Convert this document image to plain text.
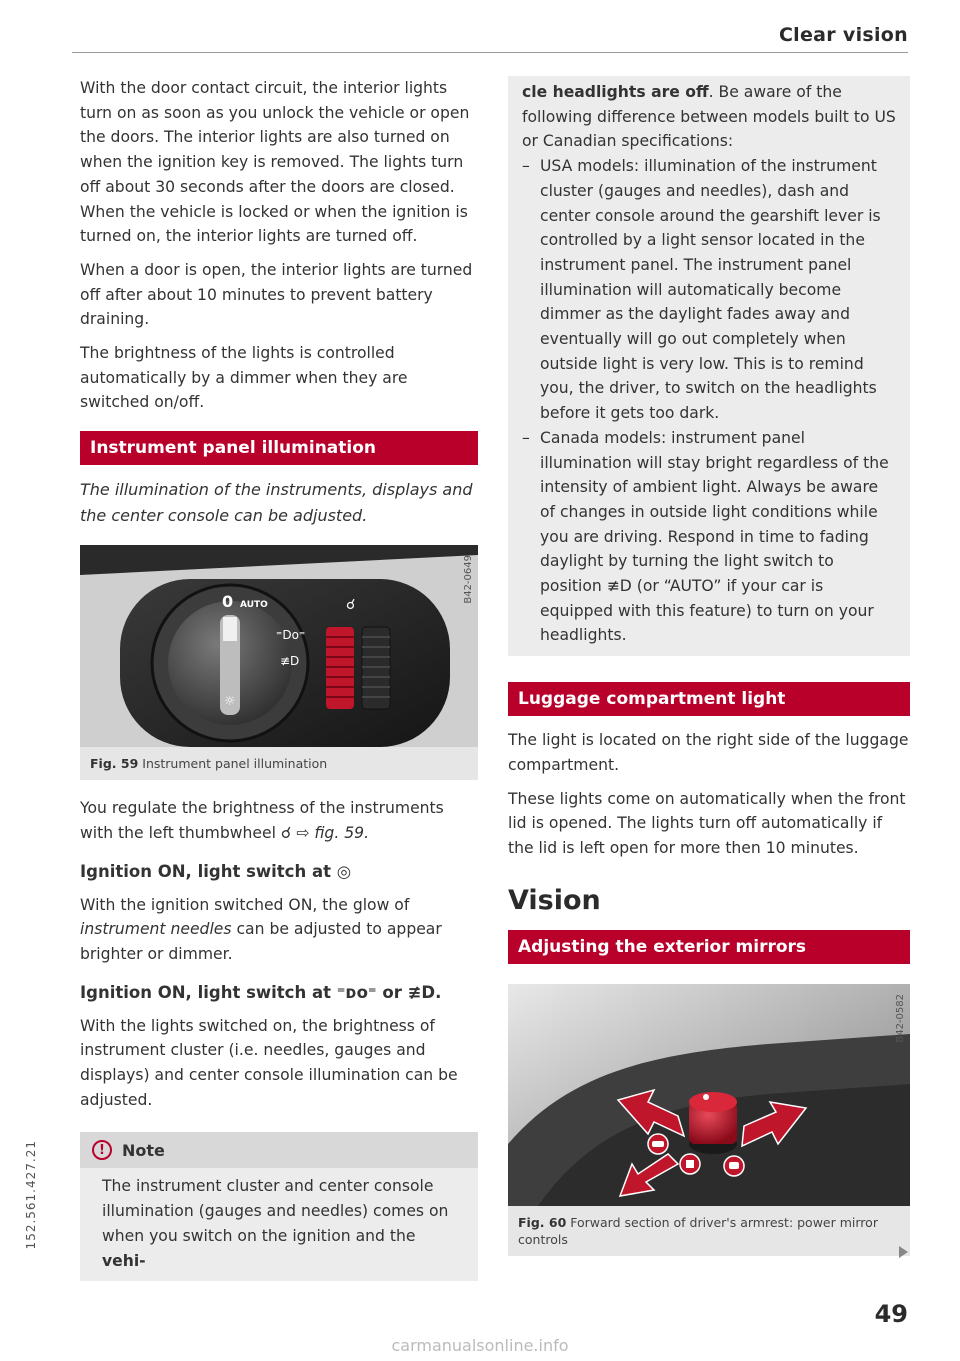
Clear vision

With the door contact circuit, the interior lights turn on as soon as you unlock the vehicle or open the doors. The interior lights are also turned on when the ignition key is removed. The lights turn off about 30 seconds after the doors are closed. When the vehicle is locked or when the ignition is turned on, the interior lights are turned off.

When a door is open, the interior lights are turned off after about 10 minutes to prevent battery draining.

The brightness of the lights is controlled automatically by a dimmer when they are switched on/off.

Instrument panel illumination

The illumination of the instruments, displays and the center console can be adjusted.

0 AUTO
⁼Dᴏ⁼
≢D
☼
☌
B42-0649
Fig. 59 Instrument panel illumination

You regulate the brightness of the instruments with the left thumbwheel ☌ ⇨ fig. 59.

Ignition ON, light switch at ◎

With the ignition switched ON, the glow of instrument needles can be adjusted to appear brighter or dimmer.

Ignition ON, light switch at ⁼ᴅᴏ⁼ or ≢D.

With the lights switched on, the brightness of instrument cluster (i.e. needles, gauges and displays) and center console illumination can be adjusted.

!	Note

The instrument cluster and center console illumination (gauges and needles) comes on when you switch on the ignition and the vehi-

cle headlights are off. Be aware of the following difference between models built to US or Canadian specifications:

– USA models: illumination of the instrument cluster (gauges and needles), dash and center console around the gearshift lever is controlled by a light sensor located in the instrument panel. The instrument panel illumination will automatically become dimmer as the daylight fades away and eventually will go out completely when outside light is very low. This is to remind you, the driver, to switch on the headlights before it gets too dark.
– Canada models: instrument panel illumination will stay bright regardless of the intensity of ambient light. Always be aware of changes in outside light conditions while you are driving. Respond in time to fading daylight by turning the light switch to position ≢D (or “AUTO” if your car is equipped with this feature) to turn on your headlights.
Luggage compartment light

The light is located on the right side of the luggage compartment.

These lights come on automatically when the front lid is opened. The lights turn off automatically if the lid is left open for more then 10 minutes.

Vision
Adjusting the exterior mirrors
B42-0582
Fig. 60 Forward section of driver's armrest: power mirror controls
152.561.427.21
49
carmanualsonline.info
